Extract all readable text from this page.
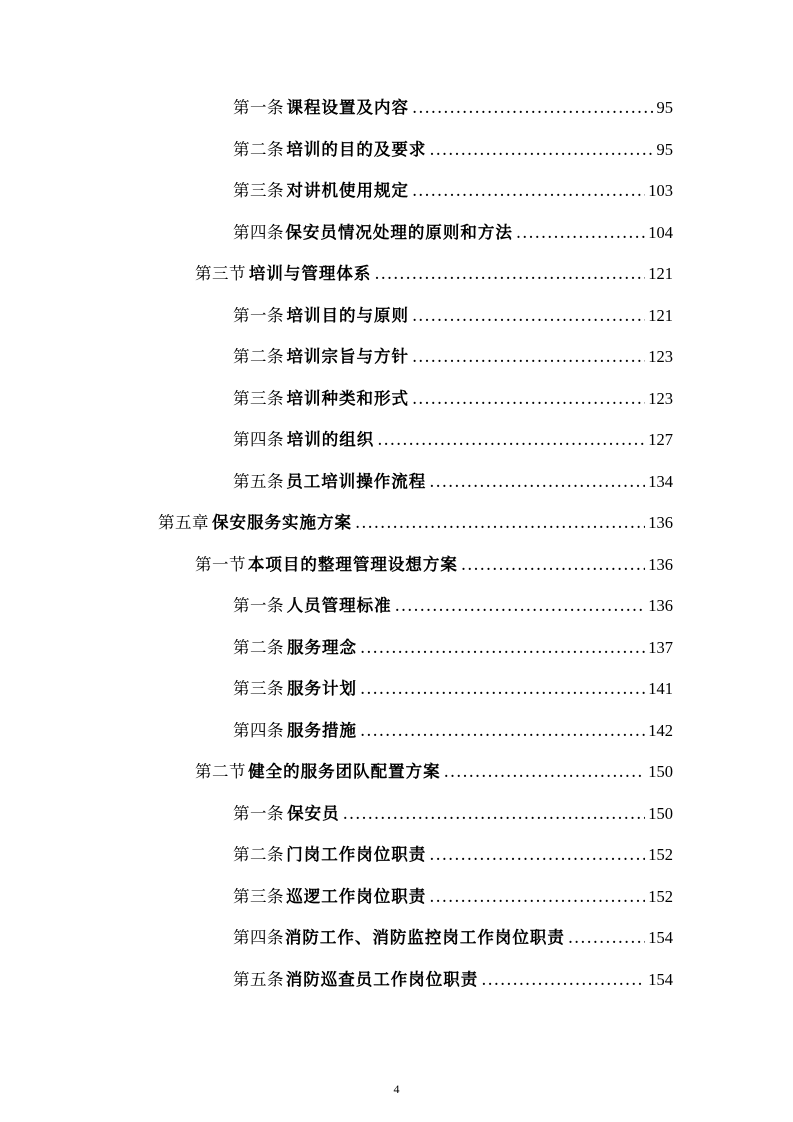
第一条 课程设置及内容 .....	95
第二条 培训的目的及要求 .....	95
第三条 对讲机使用规定 .....	103
第四条 保安员情况处理的原则和方法 .....	104
第三节 培训与管理体系 .....	121
第一条 培训目的与原则 .....	121
第二条 培训宗旨与方针 .....	123
第三条 培训种类和形式 .....	123
第四条 培训的组织 .....	127
第五条 员工培训操作流程 .....	134
第五章 保安服务实施方案 .....	136
第一节 本项目的整理管理设想方案 .....	136
第一条 人员管理标准 .....	136
第二条 服务理念 .....	137
第三条 服务计划 .....	141
第四条 服务措施 .....	142
第二节 健全的服务团队配置方案 .....	150
第一条 保安员 .....	150
第二条 门岗工作岗位职责 .....	152
第三条 巡逻工作岗位职责 .....	152
第四条 消防工作、消防监控岗工作岗位职责 .....	154
第五条 消防巡查员工作岗位职责 .....	154
4
